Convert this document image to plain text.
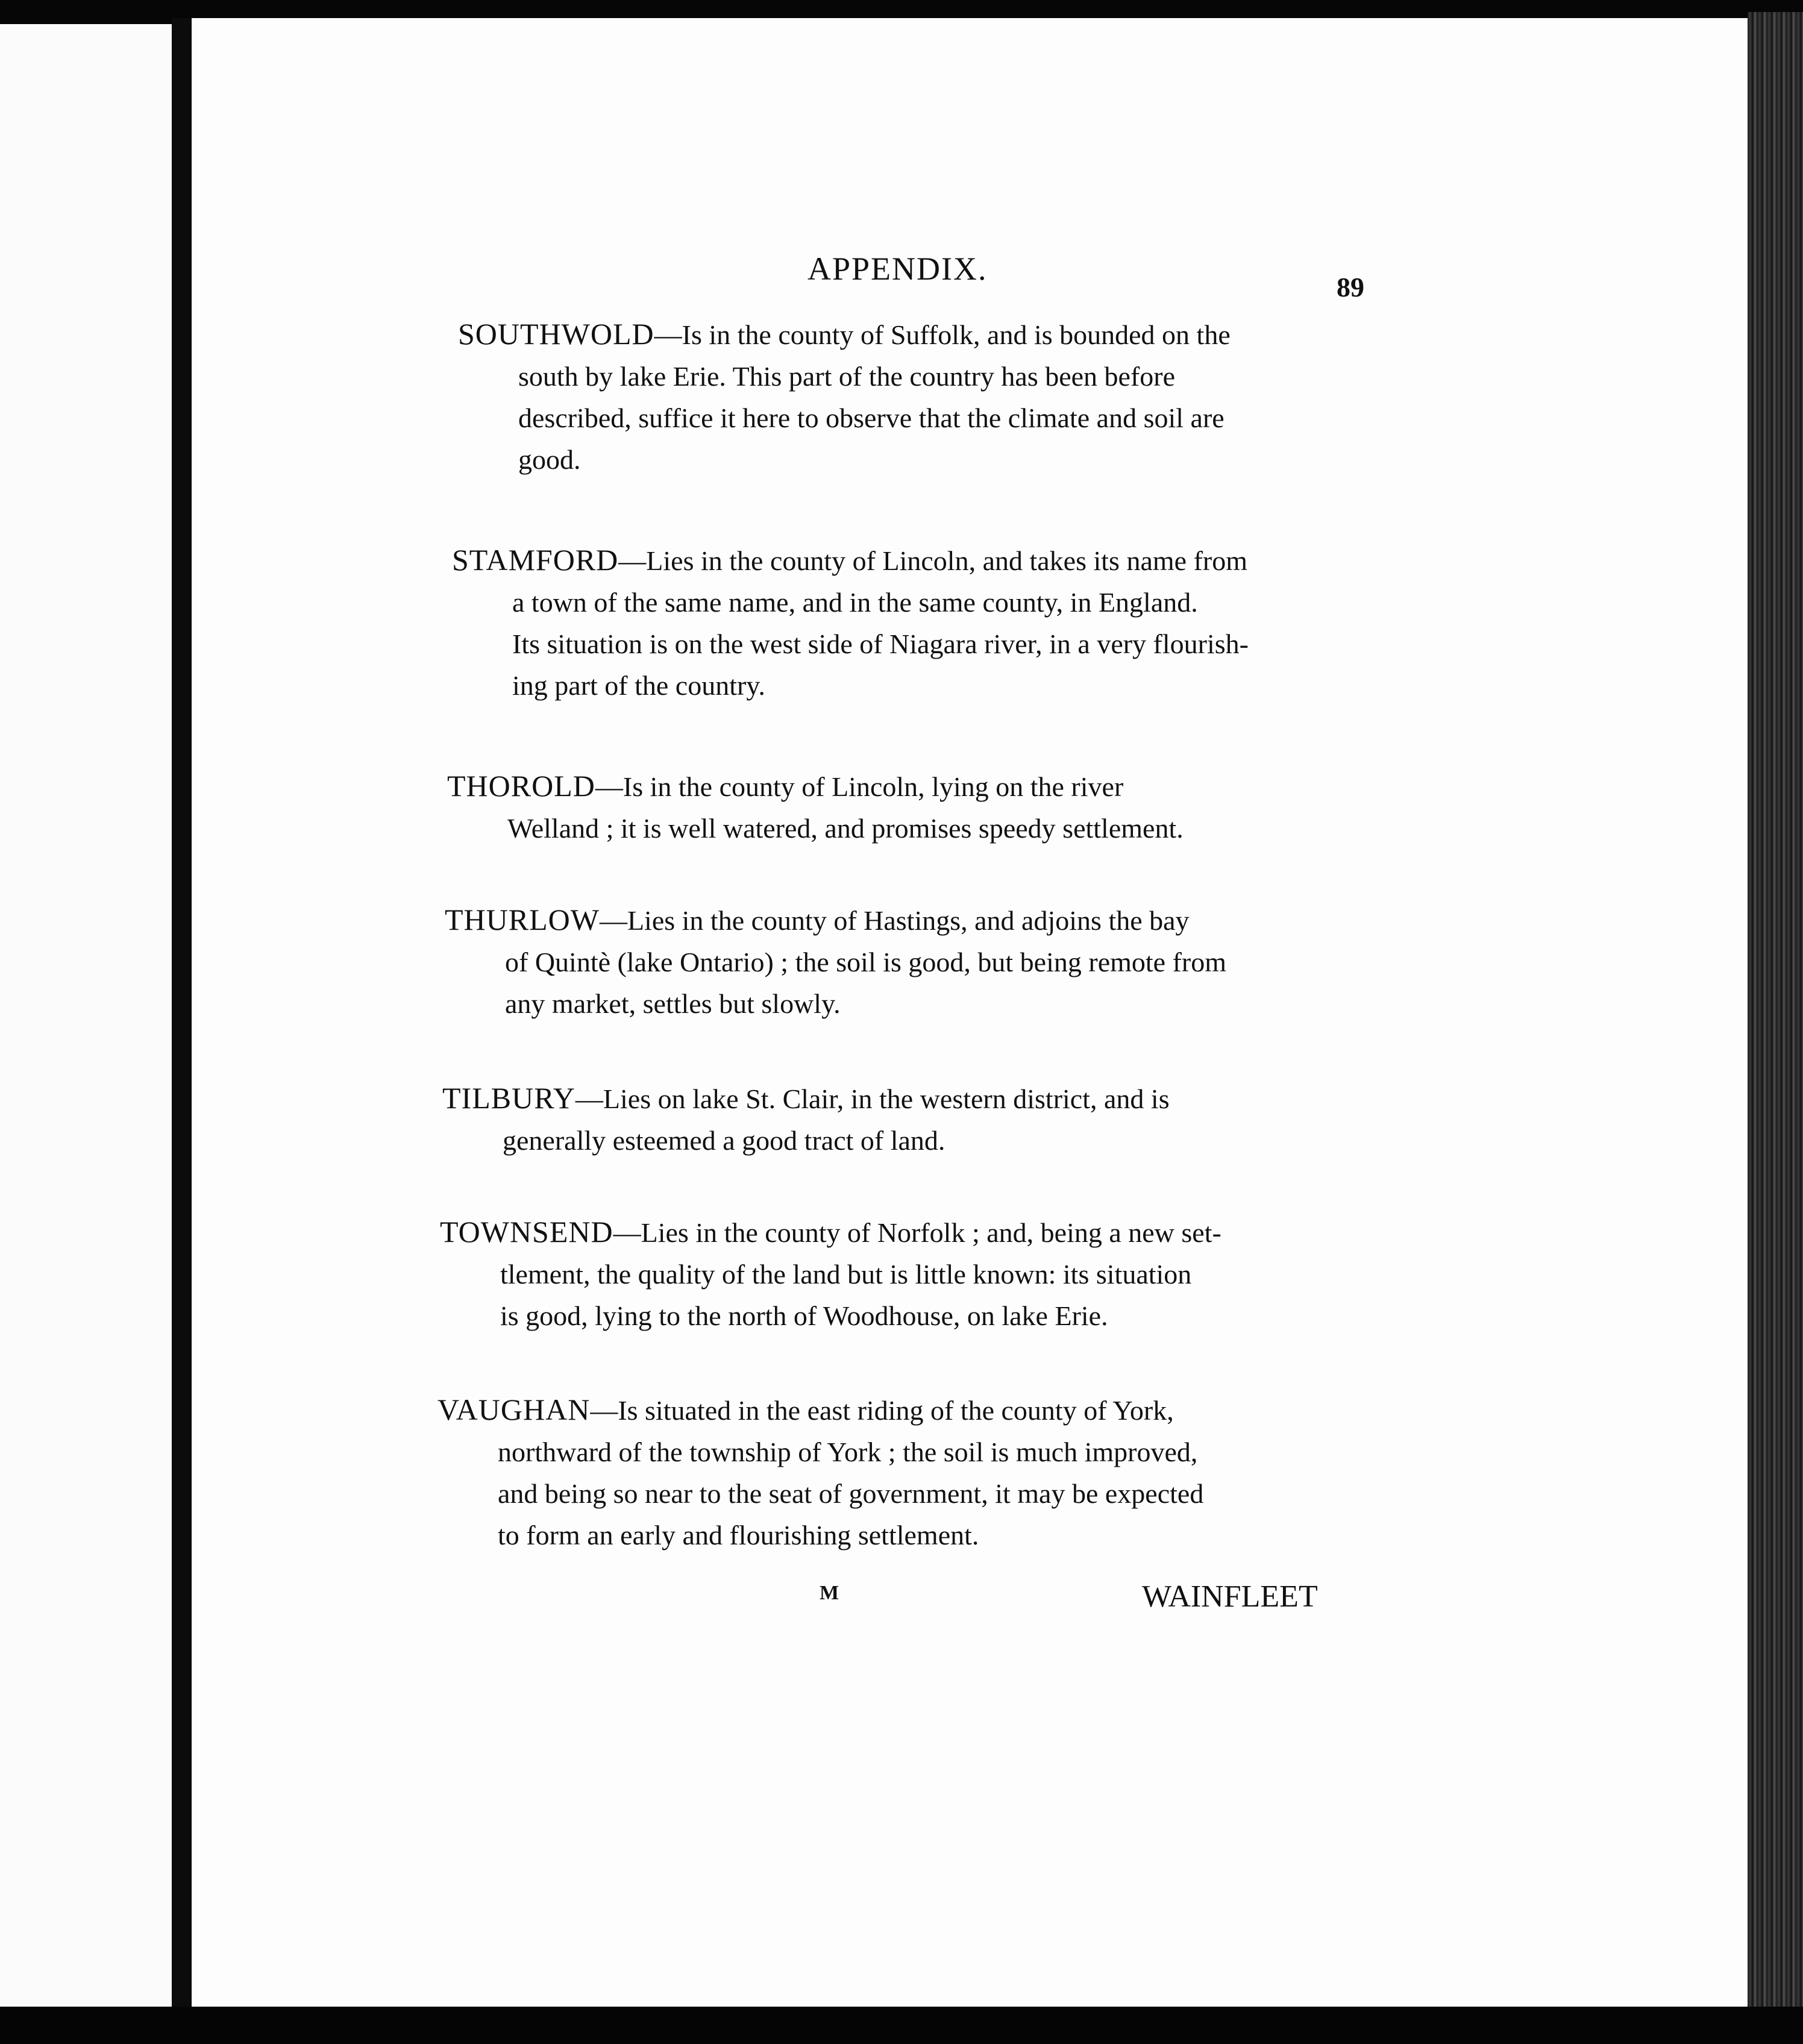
APPENDIX.
89
SOUTHWOLD—Is in the county of Suffolk, and is bounded on the
south by lake Erie. This part of the country has been before
described, suffice it here to observe that the climate and soil are
good.
STAMFORD—Lies in the county of Lincoln, and takes its name from
a town of the same name, and in the same county, in England.
Its situation is on the west side of Niagara river, in a very flourish-
ing part of the country.
THOROLD—Is in the county of Lincoln, lying on the river
Welland ; it is well watered, and promises speedy settlement.
THURLOW—Lies in the county of Hastings, and adjoins the bay
of Quintè (lake Ontario) ; the soil is good, but being remote from
any market, settles but slowly.
TILBURY—Lies on lake St. Clair, in the western district, and is
generally esteemed a good tract of land.
TOWNSEND—Lies in the county of Norfolk ; and, being a new set-
tlement, the quality of the land but is little known: its situation
is good, lying to the north of Woodhouse, on lake Erie.
VAUGHAN—Is situated in the east riding of the county of York,
northward of the township of York ; the soil is much improved,
and being so near to the seat of government, it may be expected
to form an early and flourishing settlement.
M	WAINFLEET
